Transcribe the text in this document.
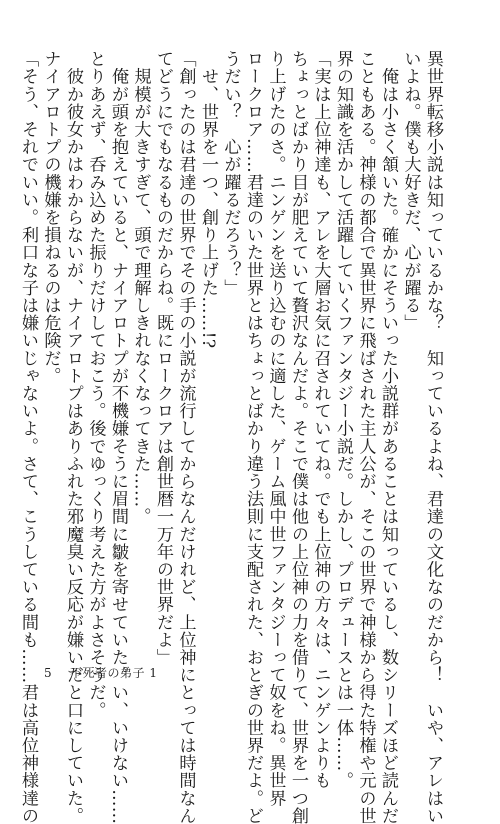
異世界転移小説は知っているかな？　知っているよね、君達の文化なのだから！　いや、アレはい
いよね。僕も大好きだ、心が躍る」
　俺は小さく頷いた。確かにそういった小説群があることは知っているし、数シリーズほど読んだ
こともある。神様の都合で異世界に飛ばされた主人公が、そこの世界で神様から得た特権や元の世
界の知識を活かして活躍していくファンタジー小説だ。しかし、プロデュースとは一体……。
「実は上位神達も、アレを大層お気に召されていてね。でも上位神の方々は、ニンゲンよりも
ちょっとばかり目が肥えていて贅沢なんだよ。そこで僕は他の上位神の力を借りて、世界を一つ創
り上げたのさ。ニンゲンを送り込むのに適した、ゲーム風中世ファンタジーって奴をね。異世界
ロークロア……君達のいた世界とはちょっとばかり違う法則に支配された、おとぎの世界だよ。ど
うだい？　心が躍るだろう？」
　せ、世界を一つ、創り上げた……!?
「創ったのは君達の世界でその手の小説が流行してからなんだけれど、上位神にとっては時間なん
てどうにでもなるものだからね。既にロークロアは創世暦一万年の世界だよ」
　規模が大きすぎて、頭で理解しきれなくなってきた……。
　俺が頭を抱えていると、ナイアロトプが不機嫌そうに眉間に皺を寄せていた。い、いけない……
とりあえず、呑み込めた振りだけしておこう。後でゆっくり考えた方がよさそうだ。
　彼か彼女かはわからないが、ナイアロトプはありふれた邪魔臭い反応が嫌いだと口にしていた。
ナイアロトプの機嫌を損ねるのは危険だ。
「そう、それでいい。利口な子は嫌いじゃないよ。さて、こうしている間も……君は高位神様達の 5 不死者の弟子 1
